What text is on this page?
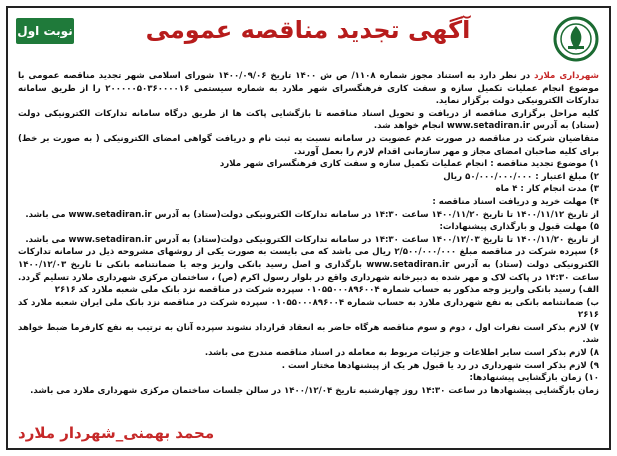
نوبت اول	آگهی تجدید مناقصه عمومی

شهرداری ملارد در نظر دارد به استناد مجوز شماره ۱۱۰۸/ ص ش ۱۴۰۰ تاریخ ۱۴۰۰/۰۹/۰۶ شورای اسلامی شهر تجدید مناقصه عمومی با موضوع انجام عملیات تکمیل سازه و سفت کاری فرهنگسرای شهر ملارد به شماره سیستمی ۲۰۰۰۰۰۵۰۳۶۰۰۰۰۱۶ را از طریق سامانه تدارکات الکترونیکی دولت برگزار نماید.

کلیه مراحل برگزاری مناقصه از دریافت و تحویل اسناد مناقصه تا بازگشایی پاکت ها از طریق درگاه سامانه تدارکات الکترونیکی دولت (ستاد) به آدرس www.setadiran.ir انجام خواهد شد.

متقاضیان شرکت در مناقصه در صورت عدم عضویت در سامانه نسبت به ثبت نام و دریافت گواهی امضای الکترونیکی ( به صورت بر خط) برای کلیه صاحبان امضای مجاز و مهر سازمانی اقدام لازم را بعمل آورند.

۱) موضوع تجدید مناقصه : انجام عملیات تکمیل سازه و سفت کاری فرهنگسرای شهر ملارد

۲) مبلغ اعتبار : ۵۰/۰۰۰/۰۰۰/۰۰۰ ریال

۳) مدت انجام کار : ۴ ماه

۴) مهلت خرید و دریافت اسناد مناقصه :

از تاریخ ۱۴۰۰/۱۱/۱۲ تا تاریخ ۱۴۰۰/۱۱/۲۰ ساعت ۱۴:۳۰ در سامانه تدارکات الکترونیکی دولت(ستاد) به آدرس www.setadiran.ir می باشد.

۵) مهلت قبول و بارگذاری پیشنهادات:

از تاریخ ۱۴۰۰/۱۱/۲۰ تا تاریخ ۱۴۰۰/۱۲/۰۳ ساعت ۱۴:۳۰ در سامانه تدارکات الکترونیکی دولت(ستاد) به آدرس www.setadiran.ir می باشد.

۶) سپرده شرکت در مناقصه مبلغ ۲/۵۰۰/۰۰۰/۰۰۰ ریال می باشد که می بایست به صورت یکی از روشهای مشروحه ذیل در سامانه تدارکات الکترونیکی دولت (ستاد) به آدرس www.setadiran.ir بارگذاری و اصل رسید بانکی واریز وجه یا ضمانتنامه بانکی تا تاریخ ۱۴۰۰/۱۲/۰۳ ساعت ۱۴:۳۰ در پاکت لاک و مهر شده به دبیرخانه شهرداری واقع در بلوار رسول اکرم (ص) ، ساختمان مرکزی شهرداری ملارد تسلیم گردد. الف) رسید بانکی واریز وجه مذکور به حساب شماره ۰۱۰۵۵۰۰۰۸۹۶۰۰۴ سپرده شرکت در مناقصه نزد بانک ملی شعبه ملارد کد ۲۶۱۶

ب) ضمانتنامه بانکی به نفع شهرداری ملارد به حساب شماره ۰۱۰۵۵۰۰۰۸۹۶۰۰۴ سپرده شرکت در مناقصه نزد بانک ملی ایران شعبه ملارد کد ۲۶۱۶

۷) لازم بذکر است نفرات اول ، دوم و سوم مناقصه هرگاه حاضر به انعقاد قرارداد نشوند سپرده آنان به ترتیب به نفع کارفرما ضبط خواهد شد.

۸) لازم بذکر است سایر اطلاعات و جزئیات مربوط به معامله در اسناد مناقصه مندرج می باشد.

۹) لازم بذکر است شهرداری در رد یا قبول هر یک از پیشنهادها مختار است .

۱۰) زمان بازگشایی پیشنهادها:

زمان بازگشایی پیشنهادها در ساعت ۱۴:۳۰ روز چهارشنبه تاریخ ۱۴۰۰/۱۲/۰۴ در سالن جلسات ساختمان مرکزی شهرداری ملارد می باشد.

محمد بهمنی_شهردار ملارد
